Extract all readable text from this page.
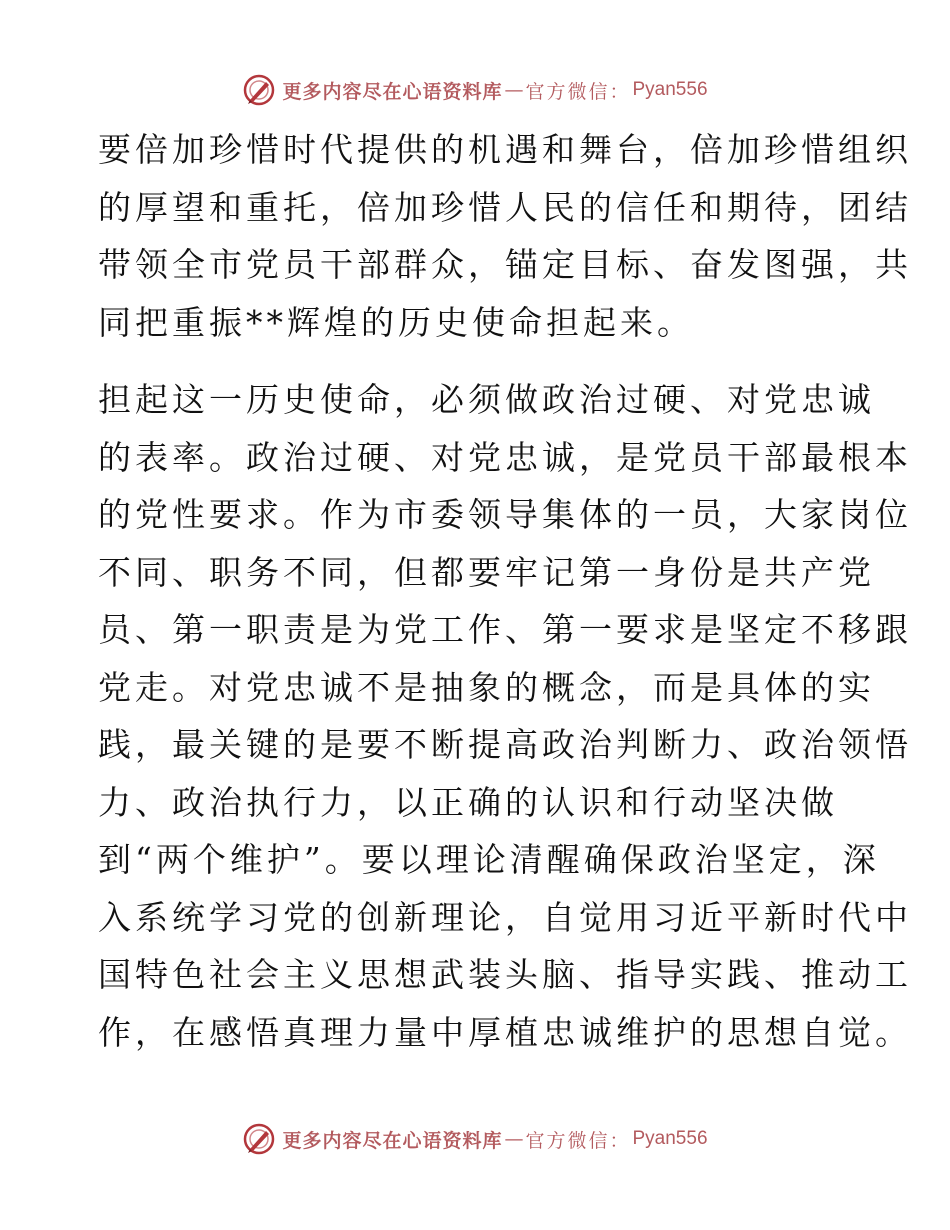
更多内容尽在心语资料库 — 官方微信： Pyan556
要倍加珍惜时代提供的机遇和舞台，倍加珍惜组织
的厚望和重托，倍加珍惜人民的信任和期待，团结
带领全市党员干部群众，锚定目标、奋发图强，共
同把重振**辉煌的历史使命担起来。
担起这一历史使命，必须做政治过硬、对党忠诚
的表率。政治过硬、对党忠诚，是党员干部最根本
的党性要求。作为市委领导集体的一员，大家岗位
不同、职务不同，但都要牢记第一身份是共产党
员、第一职责是为党工作、第一要求是坚定不移跟
党走。对党忠诚不是抽象的概念，而是具体的实
践，最关键的是要不断提高政治判断力、政治领悟
力、政治执行力，以正确的认识和行动坚决做
到“两个维护”。要以理论清醒确保政治坚定，深
入系统学习党的创新理论，自觉用习近平新时代中
国特色社会主义思想武装头脑、指导实践、推动工
作，在感悟真理力量中厚植忠诚维护的思想自觉。
更多内容尽在心语资料库 — 官方微信： Pyan556
